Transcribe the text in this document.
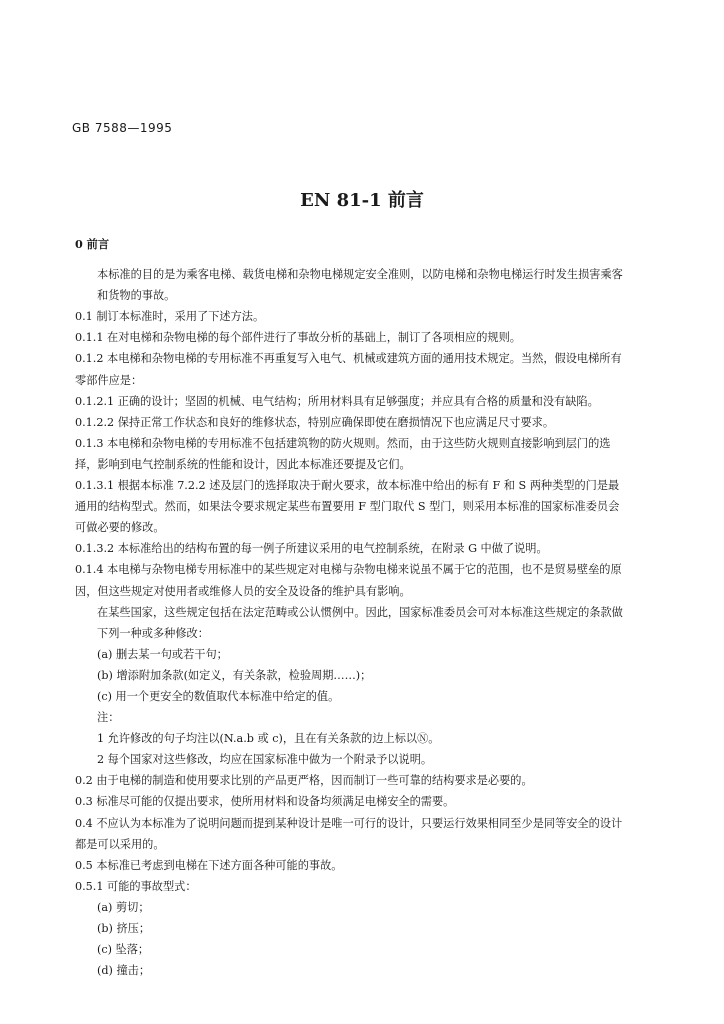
GB 7588—1995
EN 81-1 前言

0 前言

本标准的目的是为乘客电梯、载货电梯和杂物电梯规定安全准则，以防电梯和杂物电梯运行时发生损害乘客和货物的事故。

0.1 制订本标准时，采用了下述方法。

0.1.1 在对电梯和杂物电梯的每个部件进行了事故分析的基础上，制订了各项相应的规则。

0.1.2 本电梯和杂物电梯的专用标准不再重复写入电气、机械或建筑方面的通用技术规定。当然，假设电梯所有零部件应是：

0.1.2.1 正确的设计；坚固的机械、电气结构；所用材料具有足够强度；并应具有合格的质量和没有缺陷。

0.1.2.2 保持正常工作状态和良好的维修状态，特别应确保即使在磨损情况下也应满足尺寸要求。

0.1.3 本电梯和杂物电梯的专用标准不包括建筑物的防火规则。然而，由于这些防火规则直接影响到层门的选择，影响到电气控制系统的性能和设计，因此本标准还要提及它们。

0.1.3.1 根据本标准 7.2.2 述及层门的选择取决于耐火要求，故本标准中给出的标有 F 和 S 两种类型的门是最通用的结构型式。然而，如果法令要求规定某些布置要用 F 型门取代 S 型门，则采用本标准的国家标准委员会可做必要的修改。

0.1.3.2 本标准给出的结构布置的每一例子所建议采用的电气控制系统，在附录 G 中做了说明。

0.1.4 本电梯与杂物电梯专用标准中的某些规定对电梯与杂物电梯来说虽不属于它的范围，也不是贸易壁垒的原因，但这些规定对使用者或维修人员的安全及设备的维护具有影响。

在某些国家，这些规定包括在法定范畴或公认惯例中。因此，国家标准委员会可对本标准这些规定的条款做下列一种或多种修改：

(a) 删去某一句或若干句；

(b) 增添附加条款(如定义，有关条款，检验周期……)；

(c) 用一个更安全的数值取代本标准中给定的值。

注：

1 允许修改的句子均注以(N.a.b 或 c)，且在有关条款的边上标以Ⓝ。

2 每个国家对这些修改，均应在国家标准中做为一个附录予以说明。

0.2 由于电梯的制造和使用要求比别的产品更严格，因而制订一些可靠的结构要求是必要的。

0.3 标准尽可能的仅提出要求，使所用材料和设备均须满足电梯安全的需要。

0.4 不应认为本标准为了说明问题而提到某种设计是唯一可行的设计，只要运行效果相同至少是同等安全的设计都是可以采用的。

0.5 本标准已考虑到电梯在下述方面各种可能的事故。

0.5.1 可能的事故型式：

(a) 剪切；

(b) 挤压；

(c) 坠落；

(d) 撞击；
